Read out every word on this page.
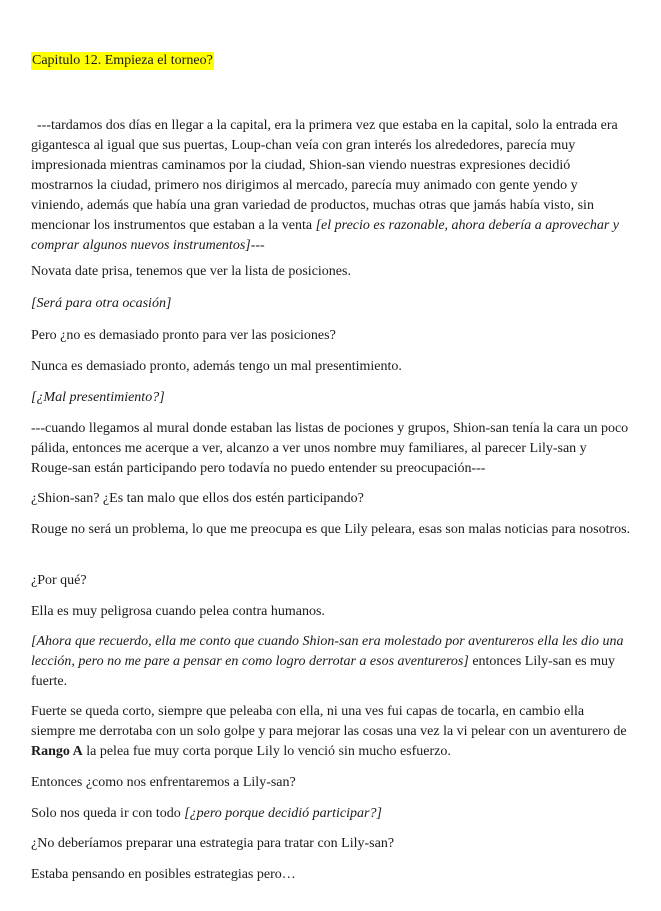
Capitulo 12. Empieza el torneo?

---tardamos dos días en llegar a la capital, era la primera vez que estaba en la capital, solo la entrada era gigantesca al igual que sus puertas, Loup-chan veía con gran interés los alrededores, parecía muy impresionada mientras caminamos por la ciudad, Shion-san viendo nuestras expresiones decidió mostrarnos la ciudad, primero nos dirigimos al mercado, parecía muy animado con gente yendo y viniendo, además que había una gran variedad de productos, muchas otras que jamás había visto, sin mencionar los instrumentos que estaban a la venta [el precio es razonable, ahora debería a aprovechar y comprar algunos nuevos instrumentos]---

Novata date prisa, tenemos que ver la lista de posiciones.

[Será para otra ocasión]

Pero ¿no es demasiado pronto para ver las posiciones?

Nunca es demasiado pronto, además tengo un mal presentimiento.

[¿Mal presentimiento?]

---cuando llegamos al mural donde estaban las listas de pociones y grupos, Shion-san tenía la cara un poco pálida, entonces me acerque a ver, alcanzo a ver unos nombre muy familiares, al parecer Lily-san y Rouge-san están participando pero todavía no puedo entender su preocupación---

¿Shion-san? ¿Es tan malo que ellos dos estén participando?

Rouge no será un problema, lo que me preocupa es que Lily peleara, esas son malas noticias para nosotros.

¿Por qué?

Ella es muy peligrosa cuando pelea contra humanos.

[Ahora que recuerdo, ella me conto que cuando Shion-san era molestado por aventureros ella les dio una lección, pero no me pare a pensar en como logro derrotar a esos aventureros] entonces Lily-san es muy fuerte.

Fuerte se queda corto, siempre que peleaba con ella, ni una ves fui capas de tocarla, en cambio ella siempre me derrotaba con un solo golpe y para mejorar las cosas una vez la vi pelear con un aventurero de Rango A la pelea fue muy corta porque Lily lo venció sin mucho esfuerzo.

Entonces ¿como nos enfrentaremos a Lily-san?

Solo nos queda ir con todo [¿pero porque decidió participar?]

¿No deberíamos preparar una estrategia para tratar con Lily-san?

Estaba pensando en posibles estrategias pero…
